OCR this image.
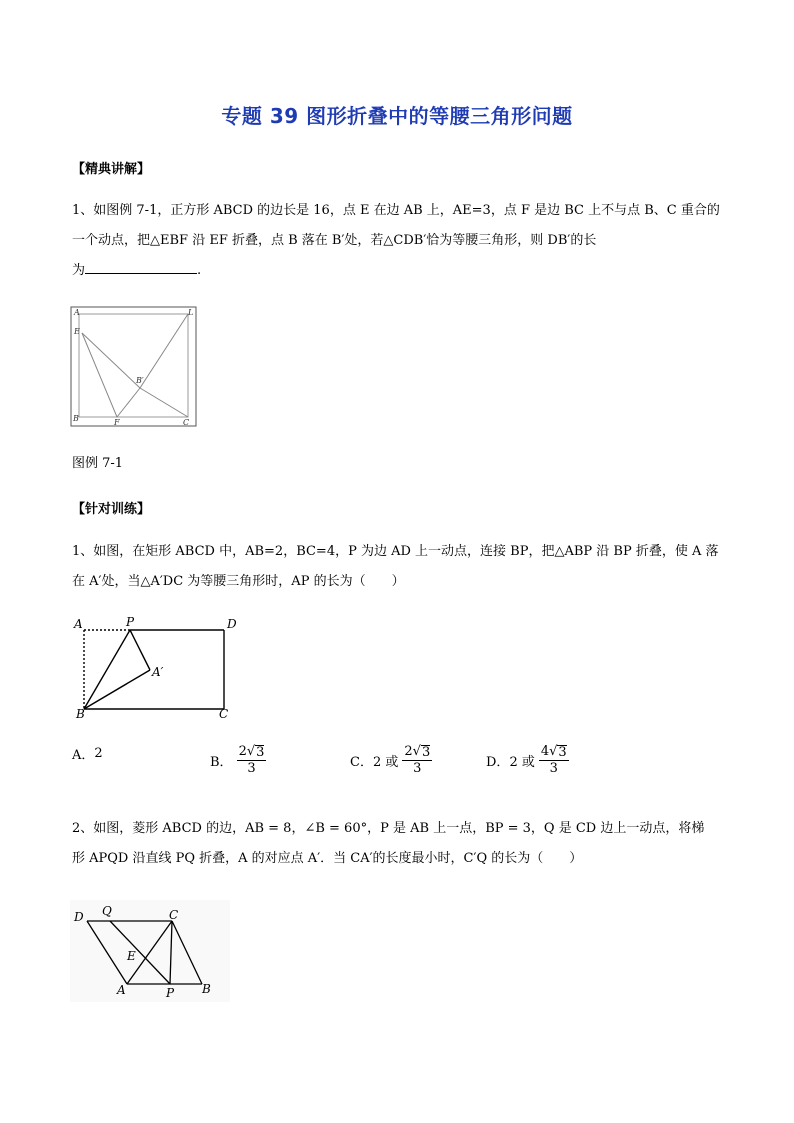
专题 39 图形折叠中的等腰三角形问题
【精典讲解】
1、如图例 7-1，正方形 ABCD 的边长是 16，点 E 在边 AB 上，AE=3，点 F 是边 BC 上不与点 B、C 重合的
一个动点，把△EBF 沿 EF 折叠，点 B 落在 B′处，若△CDB′恰为等腰三角形，则 DB′的长
为	.
A	L
E
B	F	C
B′
图例 7-1
【针对训练】
1、如图，在矩形 ABCD 中，AB=2，BC=4，P 为边 AD 上一动点，连接 BP，把△ABP 沿 BP 折叠，使 A 落
在 A′处，当△A′DC 为等腰三角形时，AP 的长为（　　）
A	P	D
A′
B	C
A． 2
B． $\frac{2√ 3}{3}$	C． 2 或 $\frac{2√ 3}{3}$	D． 2 或 $\frac{4√ 3}{3}$
2、如图，菱形 ABCD 的边，AB = 8，∠B = 60°，P 是 AB 上一点，BP = 3，Q 是 CD 边上一动点，将梯
形 APQD 沿直线 PQ 折叠，A 的对应点 A′．当 CA′的长度最小时，C′Q 的长为（　　）
D Q	C
E
A	P B
